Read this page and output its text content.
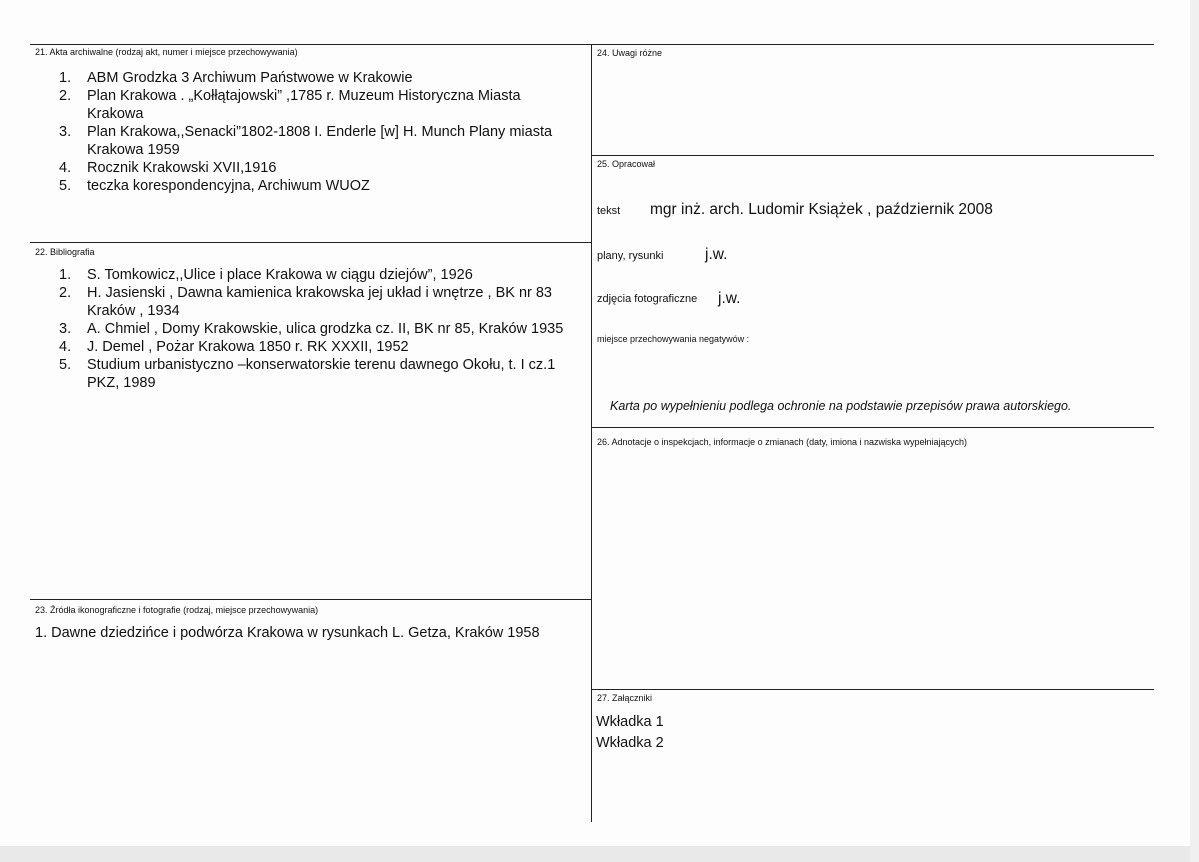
21. Akta archiwalne (rodzaj akt, numer i miejsce przechowywania)
1. ABM Grodzka 3 Archiwum Państwowe w Krakowie
2. Plan Krakowa . „Kołłątajowski” ,1785 r. Muzeum Historyczna Miasta Krakowa
3. Plan Krakowa,,Senacki”1802-1808 I. Enderle [w] H. Munch Plany miasta Krakowa 1959
4. Rocznik Krakowski XVII,1916
5. teczka korespondencyjna, Archiwum WUOZ
22. Bibliografia
1. S. Tomkowicz,,Ulice i place Krakowa w ciągu dziejów”, 1926
2. H. Jasienski , Dawna kamienica krakowska jej układ i wnętrze , BK nr 83 Kraków , 1934
3. A. Chmiel , Domy Krakowskie, ulica grodzka cz. II, BK nr 85, Kraków 1935
4. J. Demel , Pożar Krakowa 1850 r. RK XXXII, 1952
5. Studium urbanistyczno –konserwatorskie terenu dawnego Okołu, t. I cz.1 PKZ, 1989
23. Źródła ikonograficzne i fotografie (rodzaj, miejsce przechowywania)
1. Dawne dziedzińce i podwórza Krakowa w rysunkach L. Getza, Kraków 1958
24. Uwagi różne
25. Opracował
tekst mgr inż. arch. Ludomir Książek , październik 2008
plany, rysunki	j.w.
zdjęcia fotograficzne j.w.
miejsce przechowywania negatywów :
Karta po wypełnieniu podlega ochronie na podstawie przepisów prawa autorskiego.
26. Adnotacje o inspekcjach, informacje o zmianach (daty, imiona i nazwiska wypełniających)
27. Załączniki
Wkładka 1
Wkładka 2
